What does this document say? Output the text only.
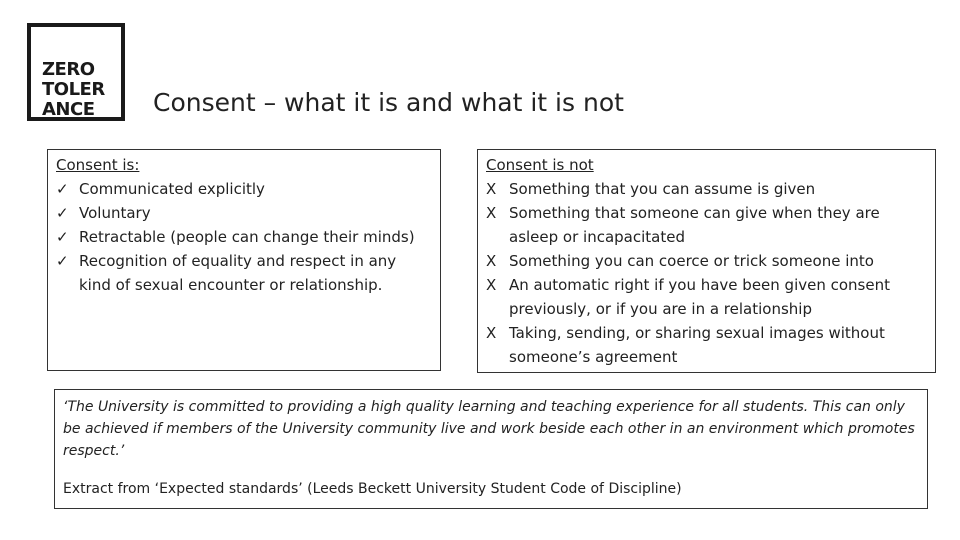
ZERO
TOLER
ANCE	Consent – what it is and what it is not
Consent is:
✓ Communicated explicitly
✓ Voluntary
✓ Retractable (people can change their minds)
✓ Recognition of equality and respect in any kind of sexual encounter or relationship.
Consent is not
X Something that you can assume is given
X Something that someone can give when they are asleep or incapacitated
X Something you can coerce or trick someone into
X An automatic right if you have been given consent previously, or if you are in a relationship
X Taking, sending, or sharing sexual images without someone’s agreement

‘The University is committed to providing a high quality learning and teaching experience for all students. This can only be achieved if members of the University community live and work beside each other in an environment which promotes respect.’

Extract from ‘Expected standards’ (Leeds Beckett University Student Code of Discipline)
